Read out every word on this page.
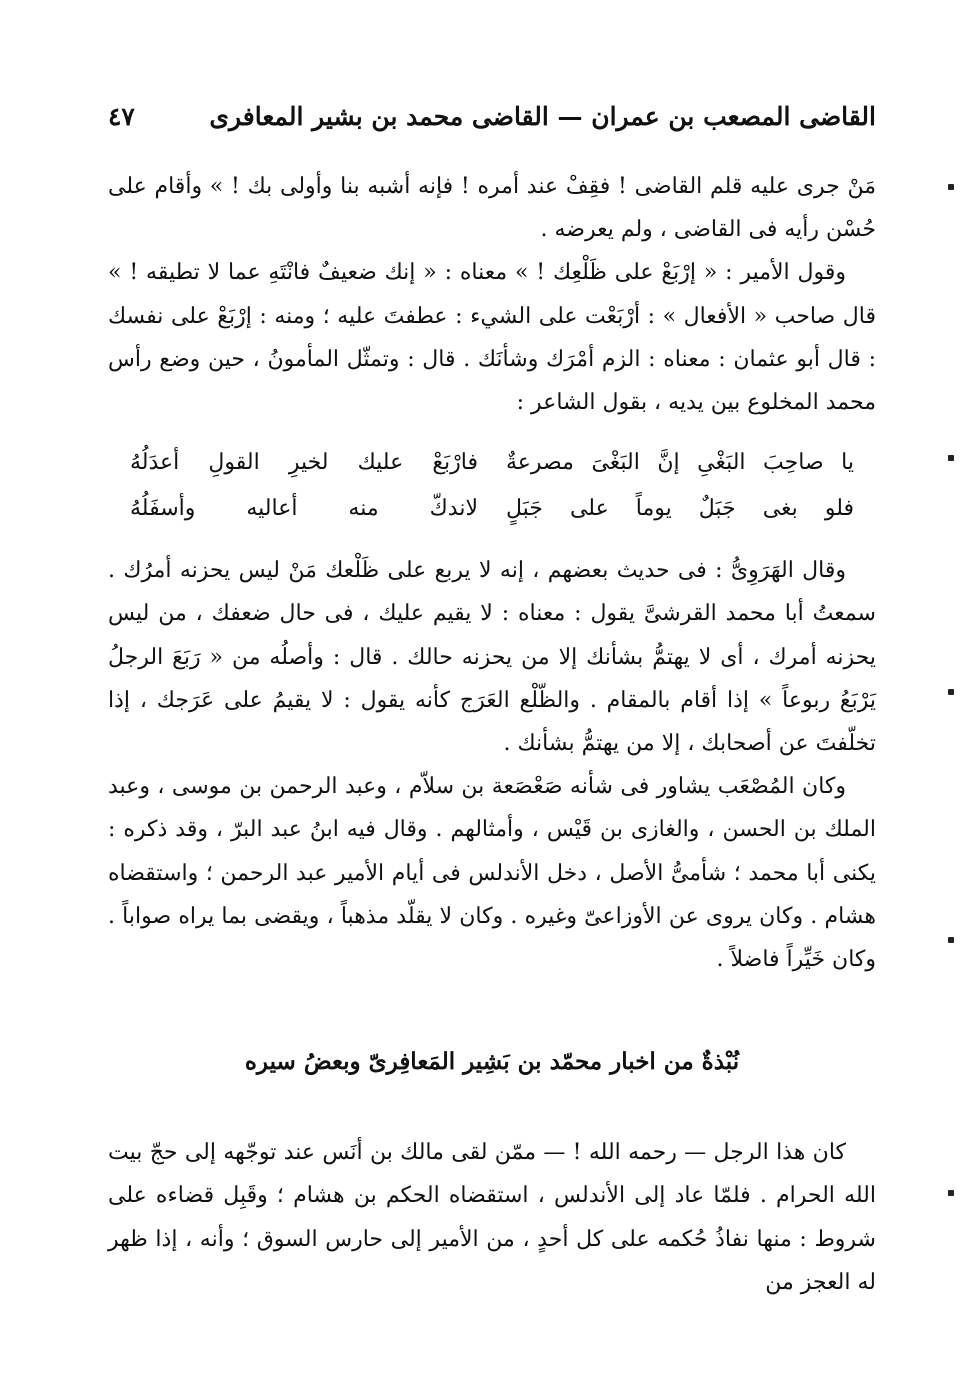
القاضى المصعب بن عمران — القاضى محمد بن بشير المعافرى
٤٧

مَنْ جرى عليه قلم القاضى ! فقِفْ عند أمره ! فإنه أشبه بنا وأولى بك ! » وأقام على حُسْن رأيه فى القاضى ، ولم يعرضه .

وقول الأمير : « إرْبَعْ على ظَلْعِك ! » معناه : « إنك ضعيفٌ فانْتَهِ عما لا تطيقه ! » قال صاحب « الأفعال » : أرْبَعْت على الشيء : عطفتَ عليه ؛ ومنه : إرْبَعْ على نفسك : قال أبو عثمان : معناه : الزم أمْرَك وشأنَك . قال : وتمثّل المأمونُ ، حين وضع رأس محمد المخلوع بين يديه ، بقول الشاعر :

يا صاحِبَ البَغْىِ إنَّ البَغْىَ مصرعةٌ
فارْبَعْ عليك لخيرِ القولِ أعدَلُهُ
فلو بغى جَبَلٌ يوماً على جَبَلٍ
لاندكّ منه أعاليه وأسفَلُهُ

وقال الهَرَوِىُّ : فى حديث بعضهم ، إنه لا يربع على ظَلْعك مَنْ ليس يحزنه أمرُك . سمعتُ أبا محمد القرشىَّ يقول : معناه : لا يقيم عليك ، فى حال ضعفك ، من ليس يحزنه أمرك ، أى لا يهتمُّ بشأنك إلا من يحزنه حالك . قال : وأصلُه من « رَبَعَ الرجلُ يَرْبَعُ ربوعاً » إذا أقام بالمقام . والظّلْع العَرَج كأنه يقول : لا يقيمُ على عَرَجك ، إذا تخلّفتَ عن أصحابك ، إلا من يهتمُّ بشأنك .

وكان المُصْعَب يشاور فى شأنه صَعْصَعة بن سلاّم ، وعبد الرحمن بن موسى ، وعبد الملك بن الحسن ، والغازى بن قَيْس ، وأمثالهم . وقال فيه ابنُ عبد البرّ ، وقد ذكره : يكنى أبا محمد ؛ شأمىُّ الأصل ، دخل الأندلس فى أيام الأمير عبد الرحمن ؛ واستقضاه هشام . وكان يروى عن الأوزاعىّ وغيره . وكان لا يقلّد مذهباً ، ويقضى بما يراه صواباً . وكان خَيِّراً فاضلاً .

نُبْذةٌ من اخبار محمّد بن بَشِير المَعافِرىّ وبعضُ سيره

كان هذا الرجل — رحمه الله ! — ممّن لقى مالك بن أنَس عند توجّهه إلى حجّ بيت الله الحرام . فلمّا عاد إلى الأندلس ، استقضاه الحكم بن هشام ؛ وقَبِل قضاءه على شروط : منها نفاذُ حُكمه على كل أحدٍ ، من الأمير إلى حارس السوق ؛ وأنه ، إذا ظهر له العجز من
